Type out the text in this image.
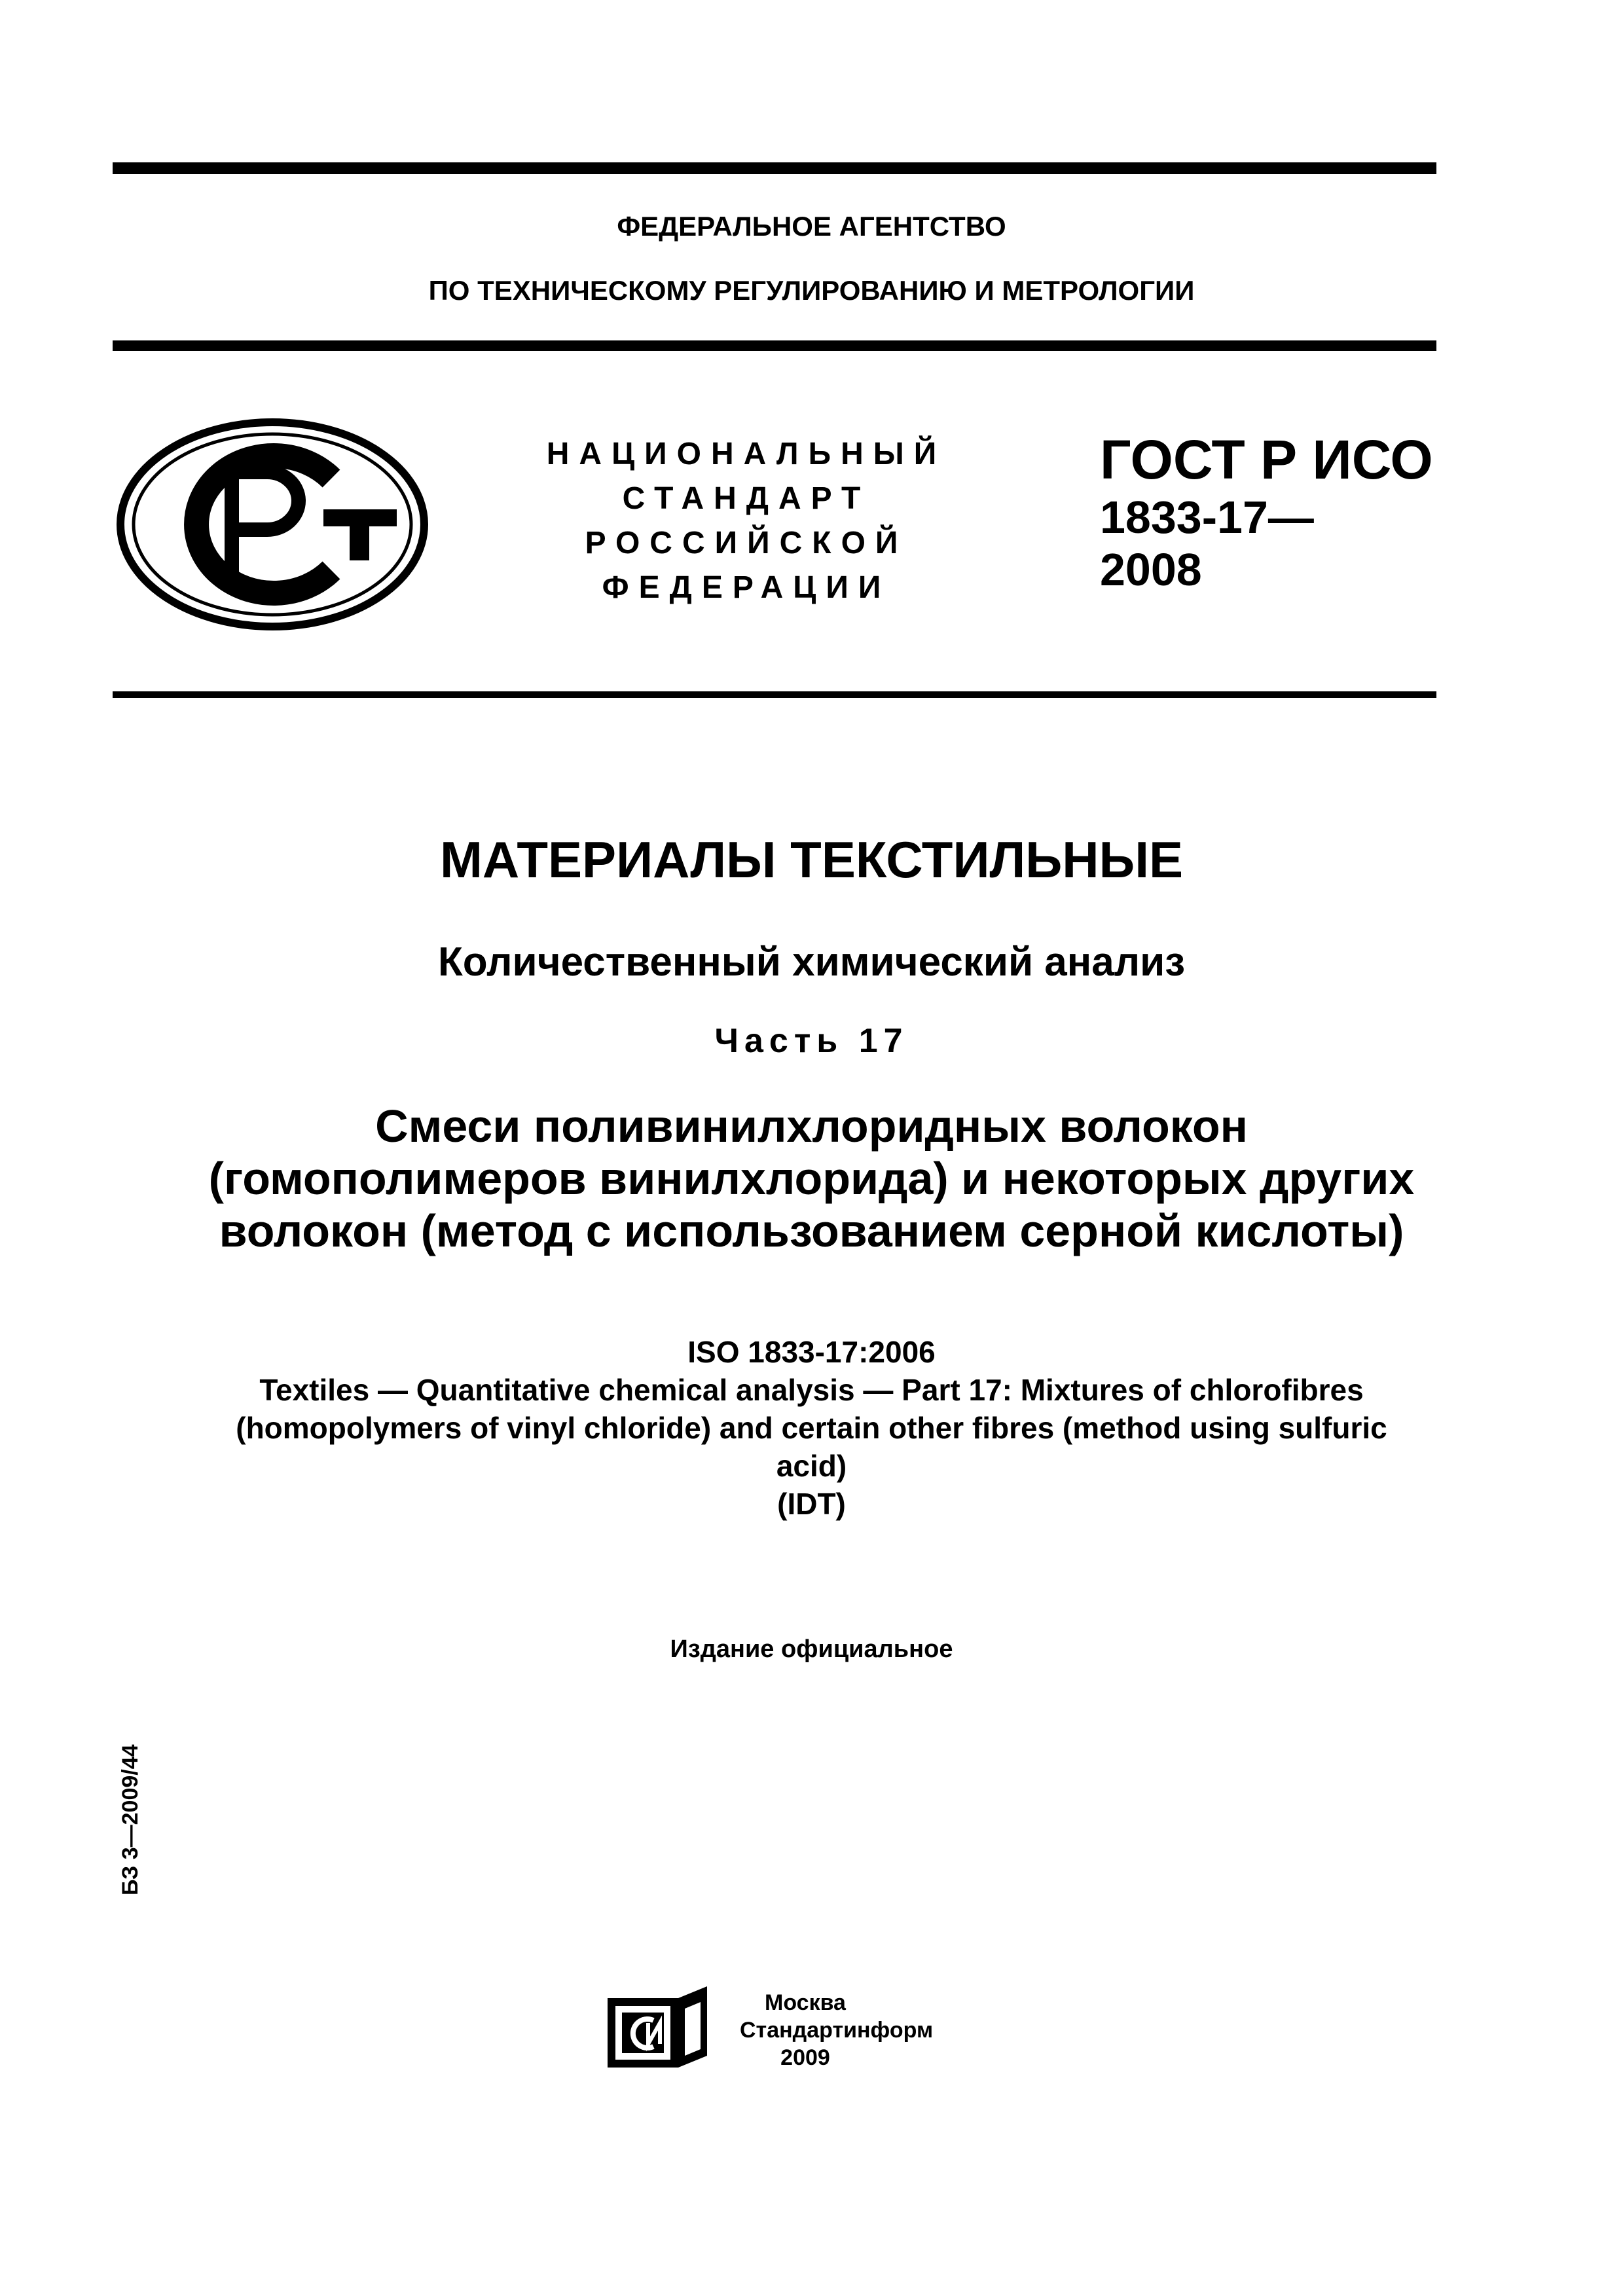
ФЕДЕРАЛЬНОЕ АГЕНТСТВО
ПО ТЕХНИЧЕСКОМУ РЕГУЛИРОВАНИЮ И МЕТРОЛОГИИ
НАЦИОНАЛЬНЫЙ
СТАНДАРТ
РОССИЙСКОЙ
ФЕДЕРАЦИИ
ГОСТ Р ИСО
1833-17—
2008
МАТЕРИАЛЫ ТЕКСТИЛЬНЫЕ
Количественный химический анализ
Часть 17
Смеси поливинилхлоридных волокон
(гомополимеров винилхлорида) и некоторых других
волокон (метод с использованием серной кислоты)
ISO 1833-17:2006
Textiles — Quantitative chemical analysis — Part 17: Mixtures of chlorofibres
(homopolymers of vinyl chloride) and certain other fibres (method using sulfuric
acid)
(IDT)
Издание официальное
БЗ 3—2009/44
Москва
Стандартинформ
2009
